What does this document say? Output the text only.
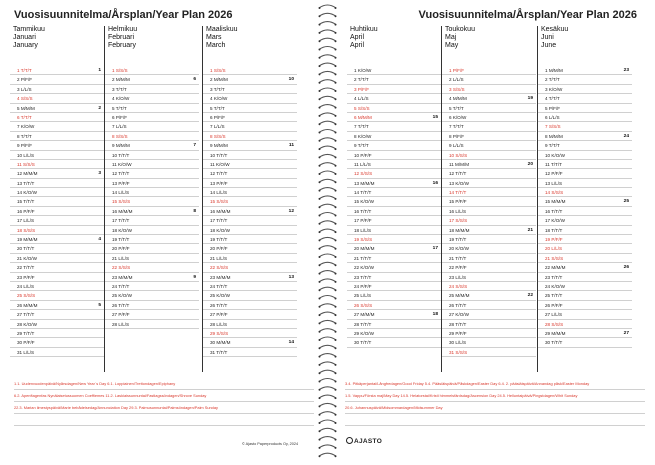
Vuosisuunnitelma/Årsplan/Year Plan 2026
Tammikuu
Januari
January
1 T/T/T	1
2 P/F/F
3 L/L/S
4 S/S/S
5 M/M/M	2
6 T/T/T
7 K/O/W
8 T/T/T
9 P/F/F
10 L/L/S
11 S/S/S
12 M/M/M	3
13 T/T/T
14 K/O/W
15 T/T/T
16 P/F/F
17 L/L/S
18 S/S/S
19 M/M/M	4
20 T/T/T
21 K/O/W
22 T/T/T
23 P/F/F
24 L/L/S
25 S/S/S
26 M/M/M	5
27 T/T/T
28 K/O/W
29 T/T/T
30 P/F/F
31 L/L/S
Helmikuu
Februari
February
1 S/S/S
2 M/M/M	6
3 T/T/T
4 K/O/W
5 T/T/T
6 P/F/F
7 L/L/S
8 S/S/S
9 M/M/M	7
10 T/T/T
11 K/O/W
12 T/T/T
13 P/F/F
14 L/L/S
15 S/S/S
16 M/M/M	8
17 T/T/T
18 K/O/W
19 T/T/T
20 P/F/F
21 L/L/S
22 S/S/S
23 M/M/M	9
24 T/T/T
25 K/O/W
26 T/T/T
27 P/F/F
28 L/L/S
Maaliskuu
Mars
March
1 S/S/S
2 M/M/M	10
3 T/T/T
4 K/O/W
5 T/T/T
6 P/F/F
7 L/L/S
8 S/S/S
9 M/M/M	11
10 T/T/T
11 K/O/W
12 T/T/T
13 P/F/F
14 L/L/S
15 S/S/S
16 M/M/M	12
17 T/T/T
18 K/O/W
19 T/T/T
20 P/F/F
21 L/L/S
22 S/S/S
23 M/M/M	13
24 T/T/T
25 K/O/W
26 T/T/T
27 P/F/F
28 L/L/S
29 S/S/S
30 M/M/M	14
31 T/T/T
1.1. Uudenvuodenpäivä/Nyårsdagen/New Year´s Day 6.1. Loppiainen/Trettondagen/Epiphany
6.2. Apenftagenfas Nynälaisetussuomen Coeffiemes 11.2. Laskiaissunnuntai/Fastlagssöndagen/Shrove Sunday
22.3. Marian ilmestyspäivä/Marie bebådelsedag/Annunciation Day 29.3. Palmusunnuntai/Palmsöndagen/Palm Sunday
© Ajasto Paperproducts Oy, 2024
Vuosisuunnitelma/Årsplan/Year Plan 2026
Huhtikuu
April
April
1 K/O/W
2 T/T/T
3 P/F/F
4 L/L/S
5 S/S/S
6 M/M/M	15
7 T/T/T
8 K/O/W
9 T/T/T
10 P/F/F
11 L/L/S
12 S/S/S
13 M/M/M	16
14 T/T/T
15 K/O/W
16 T/T/T
17 P/F/F
18 L/L/S
19 S/S/S
20 M/M/M	17
21 T/T/T
22 K/O/W
23 T/T/T
24 P/F/F
25 L/L/S
26 S/S/S
27 M/M/M	18
28 T/T/T
29 K/O/W
30 T/T/T
Toukokuu
Maj
May
1 P/F/F
2 L/L/S
3 S/S/S
4 M/M/M	19
5 T/T/T
6 K/O/W
7 T/T/T
8 P/F/F
9 L/L/S
10 S/S/S
11 M/M/M	20
12 T/T/T
13 K/O/W
14 T/T/T
15 P/F/F
16 L/L/S
17 S/S/S
18 M/M/M	21
19 T/T/T
20 K/O/W
21 T/T/T
22 P/F/F
23 L/L/S
24 S/S/S
25 M/M/M	22
26 T/T/T
27 K/O/W
28 T/T/T
29 P/F/F
30 L/L/S
31 S/S/S
Kesäkuu
Juni
June
1 M/M/M	23
2 T/T/T
3 K/O/W
4 T/T/T
5 P/F/F
6 L/L/S
7 S/S/S
8 M/M/M	24
9 T/T/T
10 K/O/W
11 T/T/T
12 P/F/F
13 L/L/S
14 S/S/S
15 M/M/M	25
16 T/T/T
17 K/O/W
18 T/T/T
19 P/F/F
20 L/L/S
21 S/S/S
22 M/M/M	26
23 T/T/T
24 K/O/W
25 T/T/T
26 P/F/F
27 L/L/S
28 S/S/S
29 M/M/M	27
30 T/T/T
3.4. Pitkäperjantai/Långfredagen/Good Friday 5.4. Pääsiäispäivä/Påskdagen/Easter Day 6.4. 2. pääsiäispäivä/Annandag påsk/Easter Monday
1.5. Vappu/Första maj/May Day 14.5. Helatorstai/Kristi himmelsfärdsdag/Ascension Day 24.5. Helluntaipäivä/Pingstdagen/Whit Sunday
20.6. Juhannuspäivä/Midsommardagen/Midsummer Day
AJASTO
